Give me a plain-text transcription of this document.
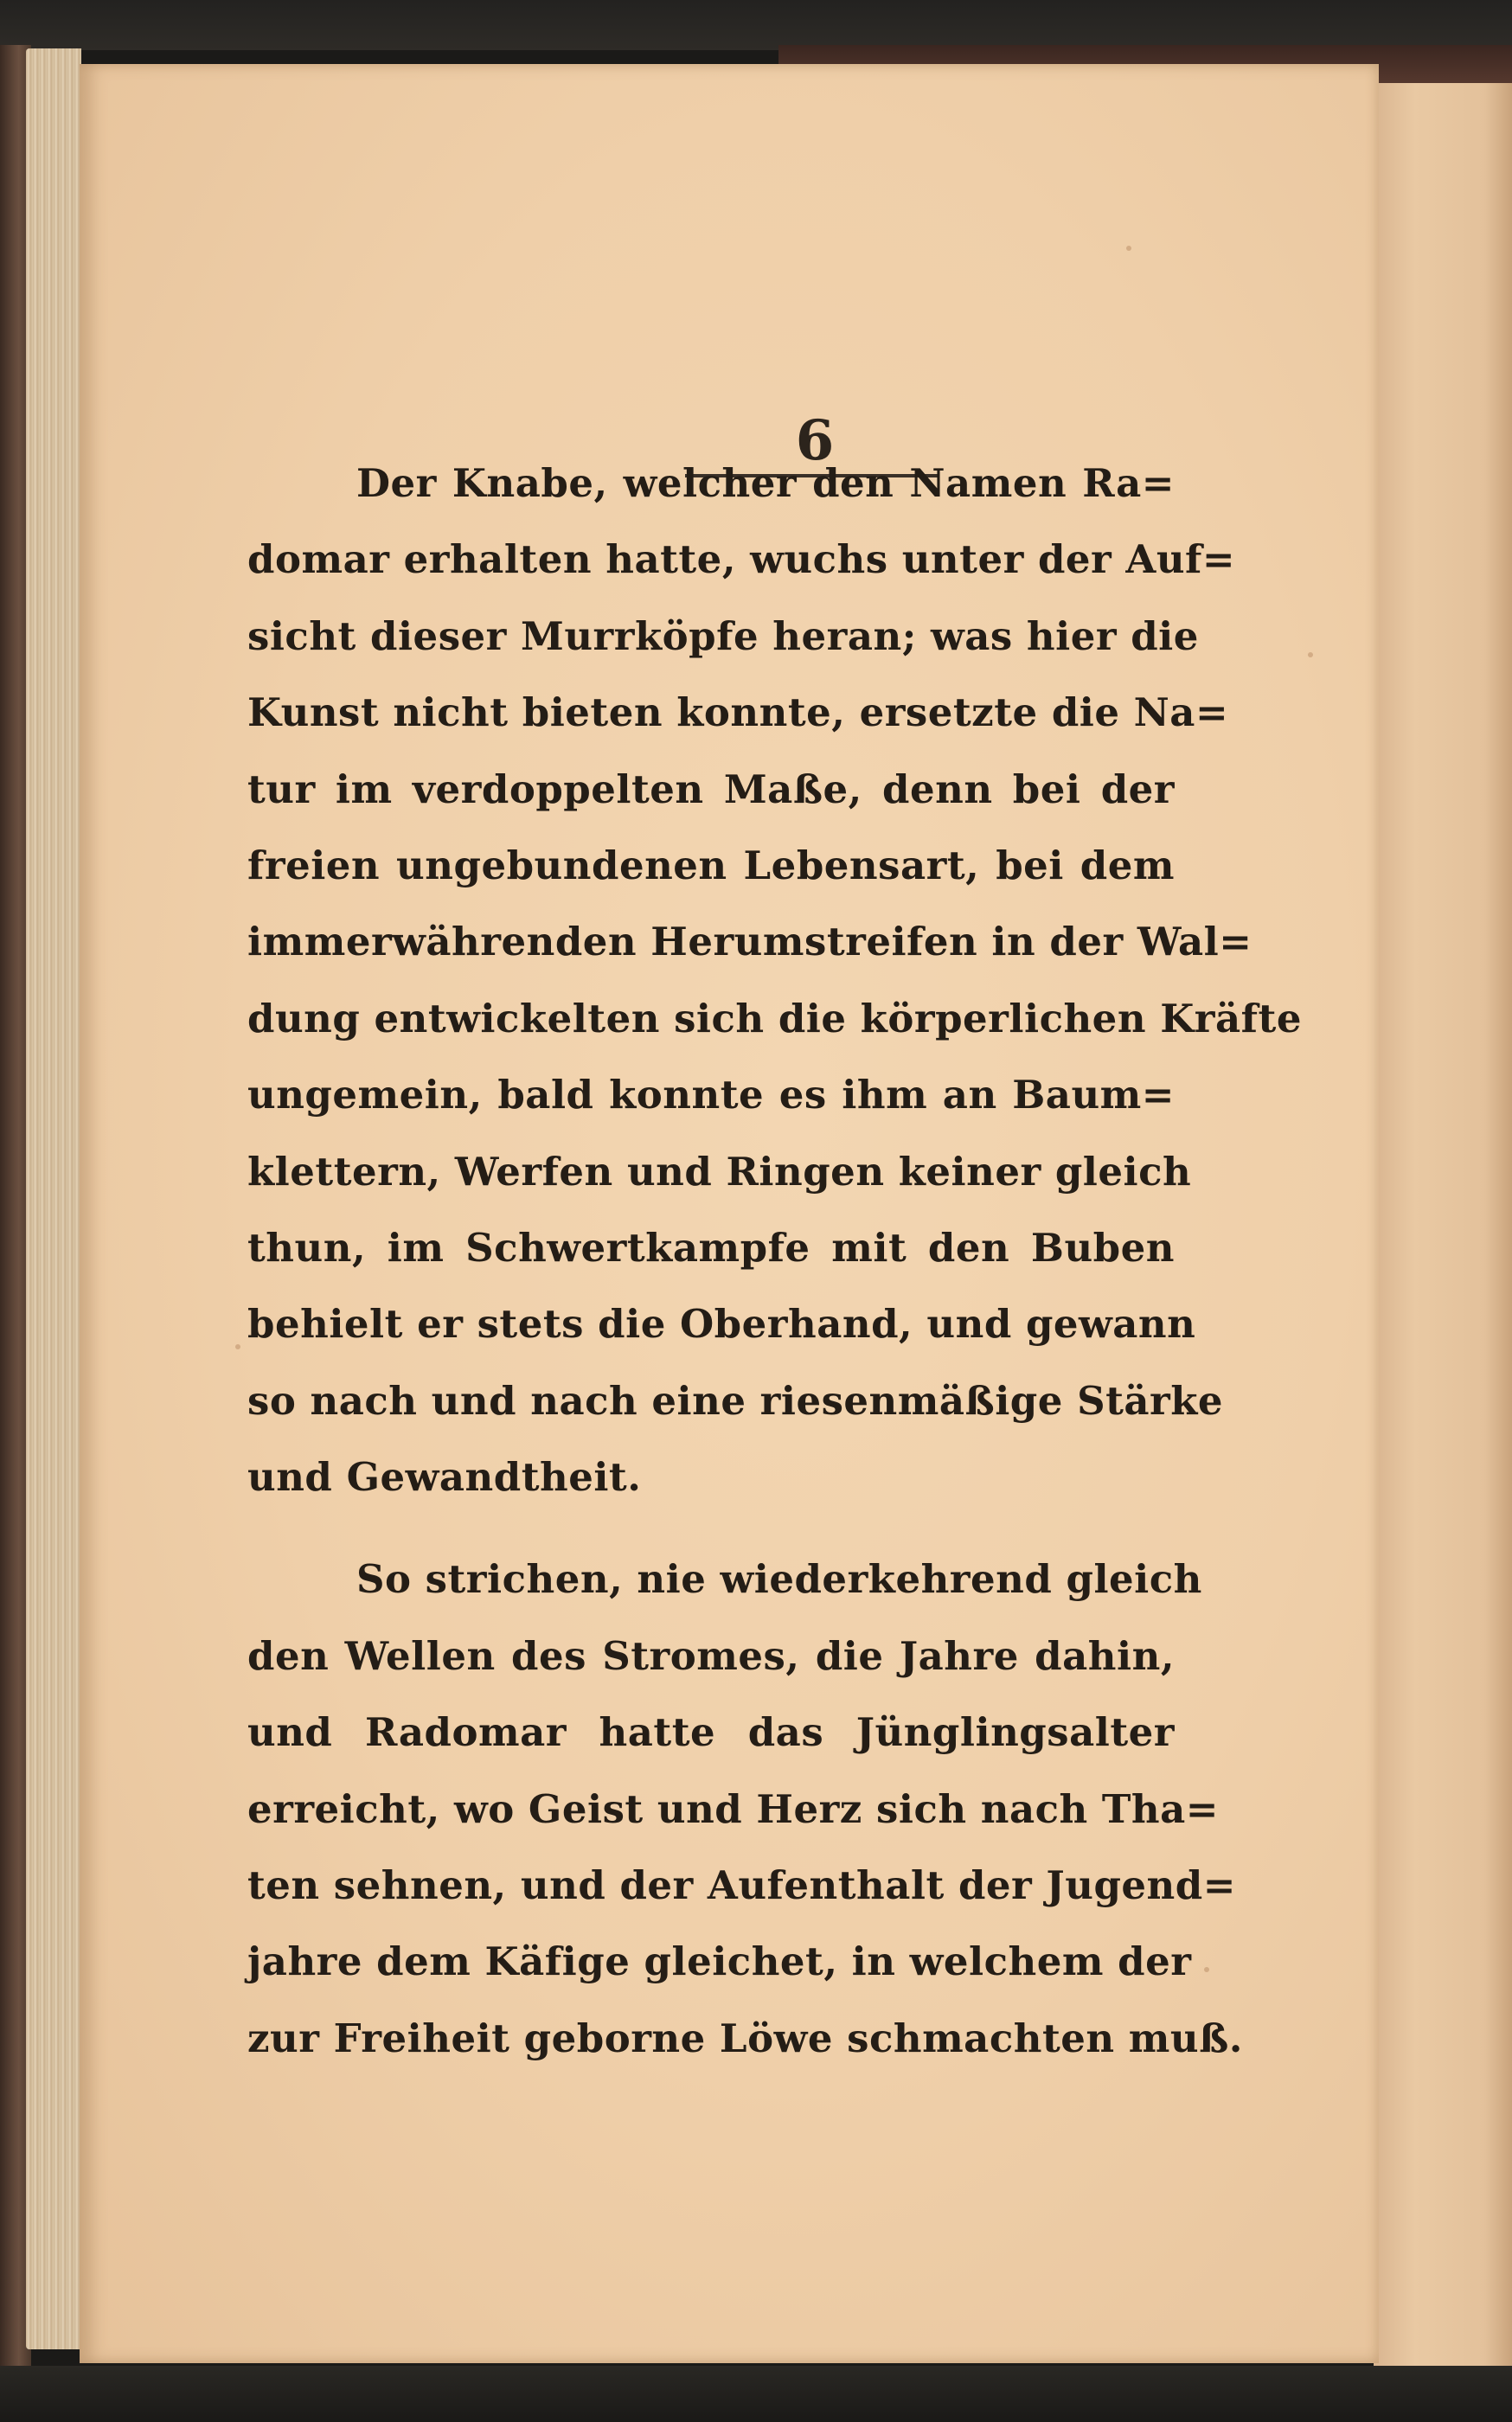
6
Der Knabe, welcher den Namen Ra=
domar erhalten hatte, wuchs unter der Auf=
sicht dieser Murrköpfe heran; was hier die
Kunst nicht bieten konnte, ersetzte die Na=
tur im verdoppelten Maße, denn bei der
freien ungebundenen Lebensart, bei dem
immerwährenden Herumstreifen in der Wal=
dung entwickelten sich die körperlichen Kräfte
ungemein, bald konnte es ihm an Baum=
klettern, Werfen und Ringen keiner gleich
thun, im Schwertkampfe mit den Buben
behielt er stets die Oberhand, und gewann
so nach und nach eine riesenmäßige Stärke
und Gewandtheit.
So strichen, nie wiederkehrend gleich
den Wellen des Stromes, die Jahre dahin,
und Radomar hatte das Jünglingsalter
erreicht, wo Geist und Herz sich nach Tha=
ten sehnen, und der Aufenthalt der Jugend=
jahre dem Käfige gleichet, in welchem der
zur Freiheit geborne Löwe schmachten muß.
